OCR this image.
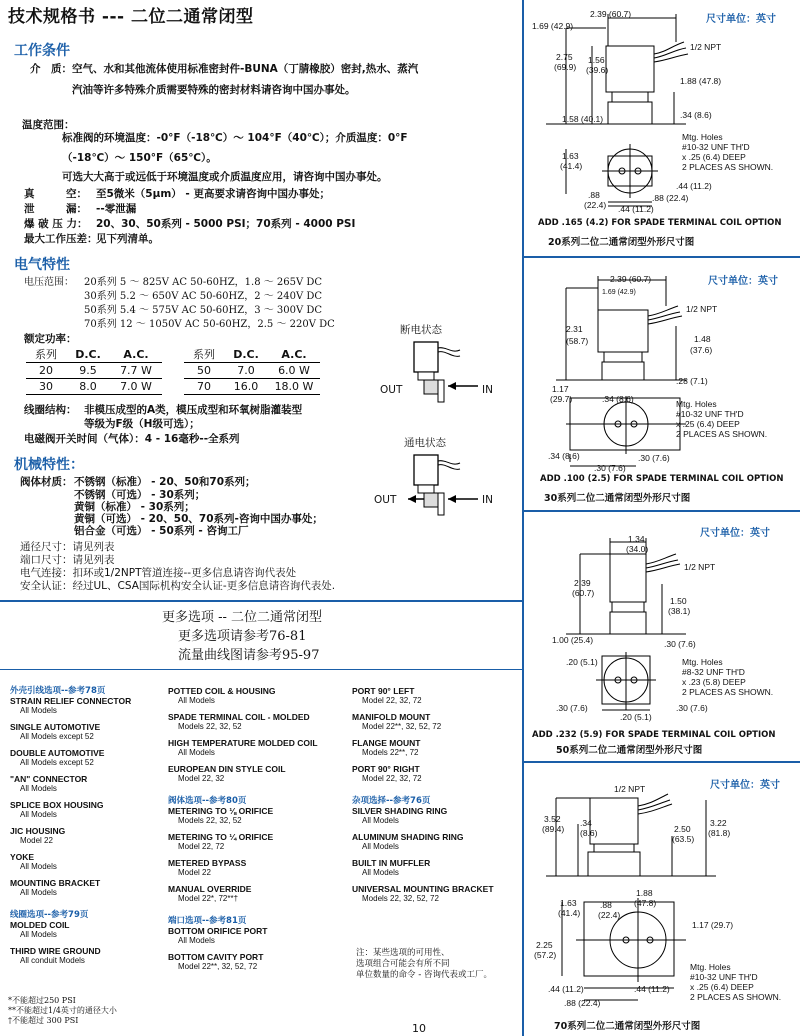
技术规格书 --- 二位二通常闭型
工作条件
介　质： 空气、水和其他流体使用标准密封件-BUNA（丁腈橡胶）密封,热水、蒸汽
汽油等许多特殊介质需要特殊的密封材料请咨询中国办事处。
温度范围：
标准阀的环境温度：-0°F（-18℃）～ 104°F（40℃）；介质温度：0°F
（-18℃）～ 150°F（65℃）。
可选大大高于或远低于环境温度或介质温度应用，请咨询中国办事处。
真　　　空： 至5微米（5μm） - 更高要求请咨询中国办事处；
泄　　　漏： --零泄漏
爆 破 压 力： 20、30、50系列 - 5000 PSI；70系列 - 4000 PSI
最大工作压差：
见下列清单。
电气特性
电压范围： 20系列 5 ～ 825V AC 50-60HZ，1.8 ～ 265V DC
30系列 5.2 ～ 650V AC 50-60HZ，2 ～ 240V DC
50系列 5.4 ～ 575V AC 50-60HZ，3 ～ 300V DC
70系列 12 ～ 1050V AC 50-60HZ，2.5 ～ 220V DC
额定功率：
系列	D.C.	A.C.		系列	D.C.	A.C.
20	9.5	7.7 W		50	7.0	6.0 W
30	8.0	7.0 W		70	16.0	18.0 W
线圈结构： 非模压成型的A类，模压成型和环氧树脂灌装型
等级为F级（H级可选）；
电磁阀开关时间（气体）：4 - 16毫秒--全系列
断电状态
OUT	IN
通电状态
OUT	IN
机械特性：
阀体材质： 不锈钢（标准） - 20、50和70系列；
不锈钢（可选） - 30系列；
黄铜（标准） - 30系列；
黄铜（可选） - 20、50、70系列-咨询中国办事处；
铝合金（可选） - 50系列 - 咨询工厂
通径尺寸：请见列表
端口尺寸：请见列表
电气连接：扣环或1/2NPT管道连接--更多信息请咨询代表处
安全认证：经过UL、CSA国际机构安全认证-更多信息请咨询代表处.
更多选项 -- 二位二通常闭型
更多选项请参考76-81
流量曲线图请参考95-97
外壳引线选项--参考78页
STRAIN RELIEF CONNECTOR
All Models
SINGLE AUTOMOTIVE
All Models except 52
DOUBLE AUTOMOTIVE
All Models except 52
"AN" CONNECTOR
All Models
SPLICE BOX HOUSING
All Models
JIC HOUSING
Model 22
YOKE
All Models
MOUNTING BRACKET
All Models
线圈选项--参考79页
MOLDED COIL
All Models
THIRD WIRE GROUND
All conduit Models
POTTED COIL & HOUSING
All Models
SPADE TERMINAL COIL - MOLDED
Models 22, 32, 52
HIGH TEMPERATURE MOLDED COIL
All Models
EUROPEAN DIN STYLE COIL
Model 22, 32
阀体选项--参考80页
METERING TO ⅛ ORIFICE
Models 22, 32, 52
METERING TO ¼ ORIFICE
Model 22, 72
METERED BYPASS
Model 22
MANUAL OVERRIDE
Model 22*, 72**†
端口选项--参考81页
BOTTOM ORIFICE PORT
All Models
BOTTOM CAVITY PORT
Model 22**, 32, 52, 72
PORT 90° LEFT
Model 22, 32, 72
MANIFOLD MOUNT
Model 22**, 32, 52, 72
FLANGE MOUNT
Models 22**, 72
PORT 90° RIGHT
Model 22, 32, 72
杂项选择--参考76页
SILVER SHADING RING
All Models
ALUMINUM SHADING RING
All Models
BUILT IN MUFFLER
All Models
UNIVERSAL MOUNTING BRACKET
Models 22, 32, 52, 72
注：某些选项的可用性、
选项组合可能会有所不同
单位数量的命令 - 咨询代表或工厂。
*不能超过250 PSI
**不能超过1/4英寸的通径大小
†不能超过 300 PSI
10
尺寸单位：英寸
2.39 (60.7)
1.69 (42.9)
1/2 NPT
2.75
(69.9)
1.56
(39.6)
1.88 (47.8)
.34 (8.6)
1.58 (40.1)
Mtg. Holes
#10-32 UNF TH'D
x .25 (6.4) DEEP
2 PLACES AS SHOWN.
1.63
(41.4)
.44 (11.2)
.88 (22.4)
.88
(22.4) .44 (11.2)
ADD .165 (4.2) FOR SPADE TERMINAL COIL OPTION
20系列二位二通常闭型外形尺寸图
尺寸单位：英寸
2.39 (60.7)
1.69 (42.9)
1/2 NPT
2.31
(58.7)	1.48
(37.6)
.28 (7.1)
1.17
(29.7)	.34 (8.6)	Mtg. Holes
#10-32 UNF TH'D
x .25 (6.4) DEEP
2 PLACES AS SHOWN.
.34 (8.6)	.30 (7.6)
.30 (7.6)
ADD .100 (2.5) FOR SPADE TERMINAL COIL OPTION
30系列二位二通常闭型外形尺寸图
尺寸单位：英寸
1.34
(34.0)
1/2 NPT
2.39
(60.7)
1.50
(38.1)
1.00 (25.4)	.30 (7.6)
.20 (5.1)	Mtg. Holes
#8-32 UNF TH'D
x .23 (5.8) DEEP
2 PLACES AS SHOWN.
.30 (7.6)	.30 (7.6)
.20 (5.1)
ADD .232 (5.9) FOR SPADE TERMINAL COIL OPTION
50系列二位二通常闭型外形尺寸图
尺寸单位：英寸
1/2 NPT
3.52
(89.4)
.34
(8.6)	2.50
(63.5)
3.22
(81.8)
1.63
(41.4)
.88
(22.4)
1.88
(47.8)
1.17 (29.7)
2.25
(57.2)
Mtg. Holes
#10-32 UNF TH'D
x .25 (6.4) DEEP
2 PLACES AS SHOWN.
.44 (11.2)	.44 (11.2)
.88 (22.4)
70系列二位二通常闭型外形尺寸图
